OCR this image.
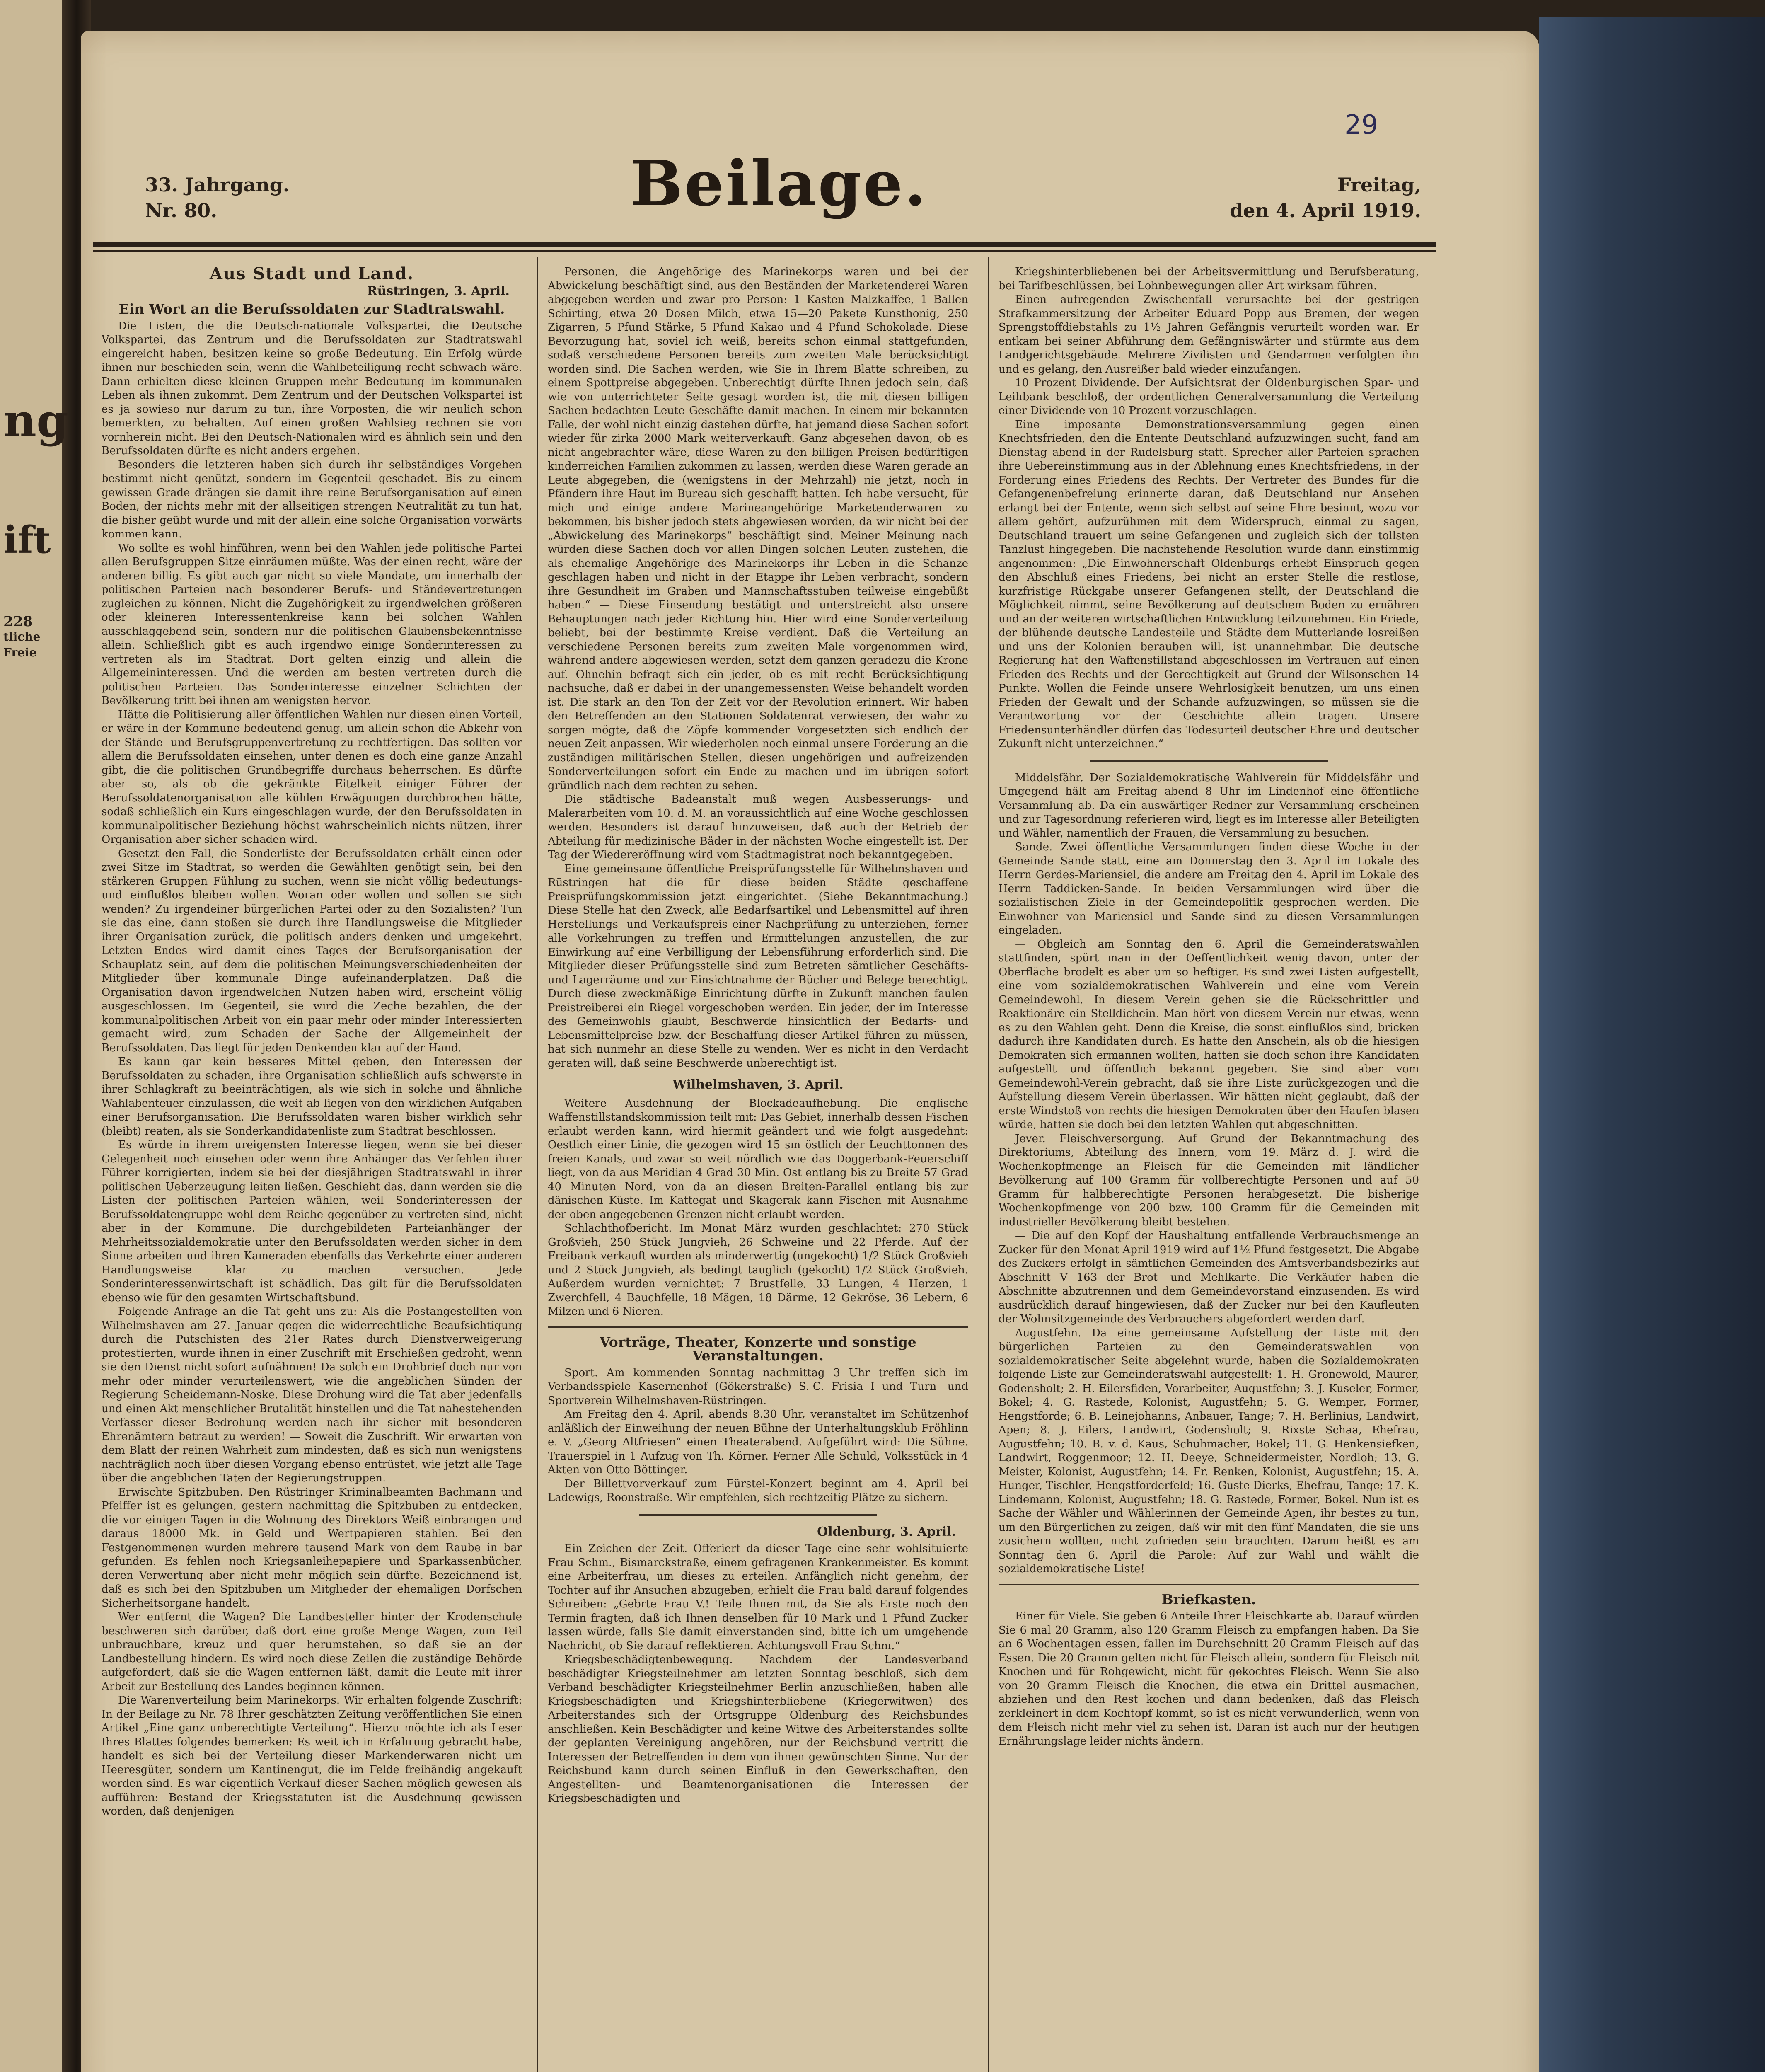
ng
ift
228
tliche
Freie
29
33. Jahrgang.
Nr. 80.	Beilage.	Freitag,
den 4. April 1919.
Aus Stadt und Land.
Rüstringen, 3. April.
Ein Wort an die Berufssoldaten zur Stadtratswahl.

Die Listen, die die Deutsch-nationale Volkspartei, die Deutsche Volkspartei, das Zentrum und die Berufssoldaten zur Stadtratswahl eingereicht haben, besitzen keine so große Bedeutung. Ein Erfolg würde ihnen nur beschieden sein, wenn die Wahlbeteiligung recht schwach wäre. Dann erhielten diese kleinen Gruppen mehr Bedeutung im kommunalen Leben als ihnen zukommt. Dem Zentrum und der Deutschen Volkspartei ist es ja sowieso nur darum zu tun, ihre Vorposten, die wir neulich schon bemerkten, zu behalten. Auf einen großen Wahlsieg rechnen sie von vornherein nicht. Bei den Deutsch-Nationalen wird es ähnlich sein und den Berufssoldaten dürfte es nicht anders ergehen.

Besonders die letzteren haben sich durch ihr selbständiges Vorgehen bestimmt nicht genützt, sondern im Gegenteil geschadet. Bis zu einem gewissen Grade drängen sie damit ihre reine Berufsorganisation auf einen Boden, der nichts mehr mit der allseitigen strengen Neutralität zu tun hat, die bisher geübt wurde und mit der allein eine solche Organisation vorwärts kommen kann.

Wo sollte es wohl hinführen, wenn bei den Wahlen jede politische Partei allen Berufsgruppen Sitze einräumen müßte. Was der einen recht, wäre der anderen billig. Es gibt auch gar nicht so viele Mandate, um innerhalb der politischen Parteien nach besonderer Berufs- und Ständevertretungen zugleichen zu können. Nicht die Zugehörigkeit zu irgendwelchen größeren oder kleineren Interessentenkreise kann bei solchen Wahlen ausschlaggebend sein, sondern nur die politischen Glaubensbekenntnisse allein. Schließlich gibt es auch irgendwo einige Sonderinteressen zu vertreten als im Stadtrat. Dort gelten einzig und allein die Allgemeininteressen. Und die werden am besten vertreten durch die politischen Parteien. Das Sonderinteresse einzelner Schichten der Bevölkerung tritt bei ihnen am wenigsten hervor.

Hätte die Politisierung aller öffentlichen Wahlen nur diesen einen Vorteil, er wäre in der Kommune bedeutend genug, um allein schon die Abkehr von der Stände- und Berufsgruppenvertretung zu rechtfertigen. Das sollten vor allem die Berufssoldaten einsehen, unter denen es doch eine ganze Anzahl gibt, die die politischen Grundbegriffe durchaus beherrschen. Es dürfte aber so, als ob die gekränkte Eitelkeit einiger Führer der Berufssoldatenorganisation alle kühlen Erwägungen durchbrochen hätte, sodaß schließlich ein Kurs eingeschlagen wurde, der den Berufssoldaten in kommunalpolitischer Beziehung höchst wahrscheinlich nichts nützen, ihrer Organisation aber sicher schaden wird.

Gesetzt den Fall, die Sonderliste der Berufssoldaten erhält einen oder zwei Sitze im Stadtrat, so werden die Gewählten genötigt sein, bei den stärkeren Gruppen Fühlung zu suchen, wenn sie nicht völlig bedeutungs- und einflußlos bleiben wollen. Woran oder wollen und sollen sie sich wenden? Zu irgendeiner bürgerlichen Partei oder zu den Sozialisten? Tun sie das eine, dann stoßen sie durch ihre Handlungsweise die Mitglieder ihrer Organisation zurück, die politisch anders denken und umgekehrt. Letzten Endes wird damit eines Tages der Berufsorganisation der Schauplatz sein, auf dem die politischen Meinungsverschiedenheiten der Mitglieder über kommunale Dinge aufeinanderplatzen. Daß die Organisation davon irgendwelchen Nutzen haben wird, erscheint völlig ausgeschlossen. Im Gegenteil, sie wird die Zeche bezahlen, die der kommunalpolitischen Arbeit von ein paar mehr oder minder Interessierten gemacht wird, zum Schaden der Sache der Allgemeinheit der Berufssoldaten. Das liegt für jeden Denkenden klar auf der Hand.

Es kann gar kein besseres Mittel geben, den Interessen der Berufssoldaten zu schaden, ihre Organisation schließlich aufs schwerste in ihrer Schlagkraft zu beeinträchtigen, als wie sich in solche und ähnliche Wahlabenteuer einzulassen, die weit ab liegen von den wirklichen Aufgaben einer Berufsorganisation. Die Berufssoldaten waren bisher wirklich sehr (bleibt) reaten, als sie Sonderkandidatenliste zum Stadtrat beschlossen.

Es würde in ihrem ureigensten Interesse liegen, wenn sie bei dieser Gelegenheit noch einsehen oder wenn ihre Anhänger das Verfehlen ihrer Führer korrigierten, indem sie bei der diesjährigen Stadtratswahl in ihrer politischen Ueberzeugung leiten ließen. Geschieht das, dann werden sie die Listen der politischen Parteien wählen, weil Sonderinteressen der Berufssoldatengruppe wohl dem Reiche gegenüber zu vertreten sind, nicht aber in der Kommune. Die durchgebildeten Parteianhänger der Mehrheitssozialdemokratie unter den Berufssoldaten werden sicher in dem Sinne arbeiten und ihren Kameraden ebenfalls das Verkehrte einer anderen Handlungsweise klar zu machen versuchen. Jede Sonderinteressenwirtschaft ist schädlich. Das gilt für die Berufssoldaten ebenso wie für den gesamten Wirtschaftsbund.

Folgende Anfrage an die Tat geht uns zu: Als die Postangestellten von Wilhelmshaven am 27. Januar gegen die widerrechtliche Beaufsichtigung durch die Putschisten des 21er Rates durch Dienstverweigerung protestierten, wurde ihnen in einer Zuschrift mit Erschießen gedroht, wenn sie den Dienst nicht sofort aufnähmen! Da solch ein Drohbrief doch nur von mehr oder minder verurteilenswert, wie die angeblichen Sünden der Regierung Scheidemann-Noske. Diese Drohung wird die Tat aber jedenfalls und einen Akt menschlicher Brutalität hinstellen und die Tat nahestehenden Verfasser dieser Bedrohung werden nach ihr sicher mit besonderen Ehrenämtern betraut zu werden! — Soweit die Zuschrift. Wir erwarten von dem Blatt der reinen Wahrheit zum mindesten, daß es sich nun wenigstens nachträglich noch über diesen Vorgang ebenso entrüstet, wie jetzt alle Tage über die angeblichen Taten der Regierungstruppen.

Erwischte Spitzbuben. Den Rüstringer Kriminalbeamten Bachmann und Pfeiffer ist es gelungen, gestern nachmittag die Spitzbuben zu entdecken, die vor einigen Tagen in die Wohnung des Direktors Weiß einbrangen und daraus 18000 Mk. in Geld und Wertpapieren stahlen. Bei den Festgenommenen wurden mehrere tausend Mark von dem Raube in bar gefunden. Es fehlen noch Kriegsanleihepapiere und Sparkassenbücher, deren Verwertung aber nicht mehr möglich sein dürfte. Bezeichnend ist, daß es sich bei den Spitzbuben um Mitglieder der ehemaligen Dorfschen Sicherheitsorgane handelt.

Wer entfernt die Wagen? Die Landbesteller hinter der Krodenschule beschweren sich darüber, daß dort eine große Menge Wagen, zum Teil unbrauchbare, kreuz und quer herumstehen, so daß sie an der Landbestellung hindern. Es wird noch diese Zeilen die zuständige Behörde aufgefordert, daß sie die Wagen entfernen läßt, damit die Leute mit ihrer Arbeit zur Bestellung des Landes beginnen können.

Die Warenverteilung beim Marinekorps. Wir erhalten folgende Zuschrift: In der Beilage zu Nr. 78 Ihrer geschätzten Zeitung veröffentlichen Sie einen Artikel „Eine ganz unberechtigte Verteilung“. Hierzu möchte ich als Leser Ihres Blattes folgendes bemerken: Es weit ich in Erfahrung gebracht habe, handelt es sich bei der Verteilung dieser Markenderwaren nicht um Heeresgüter, sondern um Kantinengut, die im Felde freihändig angekauft worden sind. Es war eigentlich Verkauf dieser Sachen möglich gewesen als aufführen: Bestand der Kriegsstatuten ist die Ausdehnung gewissen worden, daß denjenigen

Personen, die Angehörige des Marinekorps waren und bei der Abwickelung beschäftigt sind, aus den Beständen der Marketenderei Waren abgegeben werden und zwar pro Person: 1 Kasten Malzkaffee, 1 Ballen Schirting, etwa 20 Dosen Milch, etwa 15—20 Pakete Kunsthonig, 250 Zigarren, 5 Pfund Stärke, 5 Pfund Kakao und 4 Pfund Schokolade. Diese Bevorzugung hat, soviel ich weiß, bereits schon einmal stattgefunden, sodaß verschiedene Personen bereits zum zweiten Male berücksichtigt worden sind. Die Sachen werden, wie Sie in Ihrem Blatte schreiben, zu einem Spottpreise abgegeben. Unberechtigt dürfte Ihnen jedoch sein, daß wie von unterrichteter Seite gesagt worden ist, die mit diesen billigen Sachen bedachten Leute Geschäfte damit machen. In einem mir bekannten Falle, der wohl nicht einzig dastehen dürfte, hat jemand diese Sachen sofort wieder für zirka 2000 Mark weiterverkauft. Ganz abgesehen davon, ob es nicht angebrachter wäre, diese Waren zu den billigen Preisen bedürftigen kinderreichen Familien zukommen zu lassen, werden diese Waren gerade an Leute abgegeben, die (wenigstens in der Mehrzahl) nie jetzt, noch in Pfändern ihre Haut im Bureau sich geschafft hatten. Ich habe versucht, für mich und einige andere Marineangehörige Marketenderwaren zu bekommen, bis bisher jedoch stets abgewiesen worden, da wir nicht bei der „Abwickelung des Marinekorps“ beschäftigt sind. Meiner Meinung nach würden diese Sachen doch vor allen Dingen solchen Leuten zustehen, die als ehemalige Angehörige des Marinekorps ihr Leben in die Schanze geschlagen haben und nicht in der Etappe ihr Leben verbracht, sondern ihre Gesundheit im Graben und Mannschaftsstuben teilweise eingebüßt haben.“ — Diese Einsendung bestätigt und unterstreicht also unsere Behauptungen nach jeder Richtung hin. Hier wird eine Sonderverteilung beliebt, bei der bestimmte Kreise verdient. Daß die Verteilung an verschiedene Personen bereits zum zweiten Male vorgenommen wird, während andere abgewiesen werden, setzt dem ganzen geradezu die Krone auf. Ohnehin befragt sich ein jeder, ob es mit recht Berücksichtigung nachsuche, daß er dabei in der unangemessensten Weise behandelt worden ist. Die stark an den Ton der Zeit vor der Revolution erinnert. Wir haben den Betreffenden an den Stationen Soldatenrat verwiesen, der wahr zu sorgen mögte, daß die Zöpfe kommender Vorgesetzten sich endlich der neuen Zeit anpassen. Wir wiederholen noch einmal unsere Forderung an die zuständigen militärischen Stellen, diesen ungehörigen und aufreizenden Sonderverteilungen sofort ein Ende zu machen und im übrigen sofort gründlich nach dem rechten zu sehen.

Die städtische Badeanstalt muß wegen Ausbesserungs- und Malerarbeiten vom 10. d. M. an voraussichtlich auf eine Woche geschlossen werden. Besonders ist darauf hinzuweisen, daß auch der Betrieb der Abteilung für medizinische Bäder in der nächsten Woche eingestellt ist. Der Tag der Wiedereröffnung wird vom Stadtmagistrat noch bekanntgegeben.

Eine gemeinsame öffentliche Preisprüfungsstelle für Wilhelmshaven und Rüstringen hat die für diese beiden Städte geschaffene Preisprüfungskommission jetzt eingerichtet. (Siehe Bekanntmachung.) Diese Stelle hat den Zweck, alle Bedarfsartikel und Lebensmittel auf ihren Herstellungs- und Verkaufspreis einer Nachprüfung zu unterziehen, ferner alle Vorkehrungen zu treffen und Ermittelungen anzustellen, die zur Einwirkung auf eine Verbilligung der Lebensführung erforderlich sind. Die Mitglieder dieser Prüfungsstelle sind zum Betreten sämtlicher Geschäfts- und Lagerräume und zur Einsichtnahme der Bücher und Belege berechtigt. Durch diese zweckmäßige Einrichtung dürfte in Zukunft manchen faulen Preistreiberei ein Riegel vorgeschoben werden. Ein jeder, der im Interesse des Gemeinwohls glaubt, Beschwerde hinsichtlich der Bedarfs- und Lebensmittelpreise bzw. der Beschaffung dieser Artikel führen zu müssen, hat sich nunmehr an diese Stelle zu wenden. Wer es nicht in den Verdacht geraten will, daß seine Beschwerde unberechtigt ist.

Wilhelmshaven, 3. April.

Weitere Ausdehnung der Blockadeaufhebung. Die englische Waffenstillstandskommission teilt mit: Das Gebiet, innerhalb dessen Fischen erlaubt werden kann, wird hiermit geändert und wie folgt ausgedehnt: Oestlich einer Linie, die gezogen wird 15 sm östlich der Leuchttonnen des freien Kanals, und zwar so weit nördlich wie das Doggerbank-Feuerschiff liegt, von da aus Meridian 4 Grad 30 Min. Ost entlang bis zu Breite 57 Grad 40 Minuten Nord, von da an diesen Breiten-Parallel entlang bis zur dänischen Küste. Im Kattegat und Skagerak kann Fischen mit Ausnahme der oben angegebenen Grenzen nicht erlaubt werden.

Schlachthofbericht. Im Monat März wurden geschlachtet: 270 Stück Großvieh, 250 Stück Jungvieh, 26 Schweine und 22 Pferde. Auf der Freibank verkauft wurden als minderwertig (ungekocht) 1/2 Stück Großvieh und 2 Stück Jungvieh, als bedingt tauglich (gekocht) 1/2 Stück Großvieh. Außerdem wurden vernichtet: 7 Brustfelle, 33 Lungen, 4 Herzen, 1 Zwerchfell, 4 Bauchfelle, 18 Mägen, 18 Därme, 12 Gekröse, 36 Lebern, 6 Milzen und 6 Nieren.

Vorträge, Theater, Konzerte und sonstige Veranstaltungen.

Sport. Am kommenden Sonntag nachmittag 3 Uhr treffen sich im Verbandsspiele Kasernenhof (Gökerstraße) S.-C. Frisia I und Turn- und Sportverein Wilhelmshaven-Rüstringen.

Am Freitag den 4. April, abends 8.30 Uhr, veranstaltet im Schützenhof anläßlich der Einweihung der neuen Bühne der Unterhaltungsklub Fröhlinn e. V. „Georg Altfriesen“ einen Theaterabend. Aufgeführt wird: Die Sühne. Trauerspiel in 1 Aufzug von Th. Körner. Ferner Alle Schuld, Volksstück in 4 Akten von Otto Böttinger.

Der Billettvorverkauf zum Fürstel-Konzert beginnt am 4. April bei Ladewigs, Roonstraße. Wir empfehlen, sich rechtzeitig Plätze zu sichern.

Oldenburg, 3. April.

Ein Zeichen der Zeit. Offeriert da dieser Tage eine sehr wohlsituierte Frau Schm., Bismarckstraße, einem gefragenen Krankenmeister. Es kommt eine Arbeiterfrau, um dieses zu erteilen. Anfänglich nicht genehm, der Tochter auf ihr Ansuchen abzugeben, erhielt die Frau bald darauf folgendes Schreiben: „Gebrte Frau V.! Teile Ihnen mit, da Sie als Erste noch den Termin fragten, daß ich Ihnen denselben für 10 Mark und 1 Pfund Zucker lassen würde, falls Sie damit einverstanden sind, bitte ich um umgehende Nachricht, ob Sie darauf reflektieren. Achtungsvoll Frau Schm.“

Kriegsbeschädigtenbewegung. Nachdem der Landesverband beschädigter Kriegsteilnehmer am letzten Sonntag beschloß, sich dem Verband beschädigter Kriegsteilnehmer Berlin anzuschließen, haben alle Kriegsbeschädigten und Kriegshinterbliebene (Kriegerwitwen) des Arbeiterstandes sich der Ortsgruppe Oldenburg des Reichsbundes anschließen. Kein Beschädigter und keine Witwe des Arbeiterstandes sollte der geplanten Vereinigung angehören, nur der Reichsbund vertritt die Interessen der Betreffenden in dem von ihnen gewünschten Sinne. Nur der Reichsbund kann durch seinen Einfluß in den Gewerkschaften, den Angestellten- und Beamtenorganisationen die Interessen der Kriegsbeschädigten und

Kriegshinterbliebenen bei der Arbeitsvermittlung und Berufsberatung, bei Tarifbeschlüssen, bei Lohnbewegungen aller Art wirksam führen.

Einen aufregenden Zwischenfall verursachte bei der gestrigen Strafkammersitzung der Arbeiter Eduard Popp aus Bremen, der wegen Sprengstoffdiebstahls zu 1½ Jahren Gefängnis verurteilt worden war. Er entkam bei seiner Abführung dem Gefängniswärter und stürmte aus dem Landgerichtsgebäude. Mehrere Zivilisten und Gendarmen verfolgten ihn und es gelang, den Ausreißer bald wieder einzufangen.

10 Prozent Dividende. Der Aufsichtsrat der Oldenburgischen Spar- und Leihbank beschloß, der ordentlichen Generalversammlung die Verteilung einer Dividende von 10 Prozent vorzuschlagen.

Eine imposante Demonstrationsversammlung gegen einen Knechtsfrieden, den die Entente Deutschland aufzuzwingen sucht, fand am Dienstag abend in der Rudelsburg statt. Sprecher aller Parteien sprachen ihre Uebereinstimmung aus in der Ablehnung eines Knechtsfriedens, in der Forderung eines Friedens des Rechts. Der Vertreter des Bundes für die Gefangenenbefreiung erinnerte daran, daß Deutschland nur Ansehen erlangt bei der Entente, wenn sich selbst auf seine Ehre besinnt, wozu vor allem gehört, aufzurühmen mit dem Widerspruch, einmal zu sagen, Deutschland trauert um seine Gefangenen und zugleich sich der tollsten Tanzlust hingegeben. Die nachstehende Resolution wurde dann einstimmig angenommen: „Die Einwohnerschaft Oldenburgs erhebt Einspruch gegen den Abschluß eines Friedens, bei nicht an erster Stelle die restlose, kurzfristige Rückgabe unserer Gefangenen stellt, der Deutschland die Möglichkeit nimmt, seine Bevölkerung auf deutschem Boden zu ernähren und an der weiteren wirtschaftlichen Entwicklung teilzunehmen. Ein Friede, der blühende deutsche Landesteile und Städte dem Mutterlande losreißen und uns der Kolonien berauben will, ist unannehmbar. Die deutsche Regierung hat den Waffenstillstand abgeschlossen im Vertrauen auf einen Frieden des Rechts und der Gerechtigkeit auf Grund der Wilsonschen 14 Punkte. Wollen die Feinde unsere Wehrlosigkeit benutzen, um uns einen Frieden der Gewalt und der Schande aufzuzwingen, so müssen sie die Verantwortung vor der Geschichte allein tragen. Unsere Friedensunterhändler dürfen das Todesurteil deutscher Ehre und deutscher Zukunft nicht unterzeichnen.“

Middelsfähr. Der Sozialdemokratische Wahlverein für Middelsfähr und Umgegend hält am Freitag abend 8 Uhr im Lindenhof eine öffentliche Versammlung ab. Da ein auswärtiger Redner zur Versammlung erscheinen und zur Tagesordnung referieren wird, liegt es im Interesse aller Beteiligten und Wähler, namentlich der Frauen, die Versammlung zu besuchen.

Sande. Zwei öffentliche Versammlungen finden diese Woche in der Gemeinde Sande statt, eine am Donnerstag den 3. April im Lokale des Herrn Gerdes-Mariensiel, die andere am Freitag den 4. April im Lokale des Herrn Taddicken-Sande. In beiden Versammlungen wird über die sozialistischen Ziele in der Gemeindepolitik gesprochen werden. Die Einwohner von Mariensiel und Sande sind zu diesen Versammlungen eingeladen.

— Obgleich am Sonntag den 6. April die Gemeinderatswahlen stattfinden, spürt man in der Oeffentlichkeit wenig davon, unter der Oberfläche brodelt es aber um so heftiger. Es sind zwei Listen aufgestellt, eine vom sozialdemokratischen Wahlverein und eine vom Verein Gemeindewohl. In diesem Verein gehen sie die Rückschrittler und Reaktionäre ein Stelldichein. Man hört von diesem Verein nur etwas, wenn es zu den Wahlen geht. Denn die Kreise, die sonst einflußlos sind, bricken dadurch ihre Kandidaten durch. Es hatte den Anschein, als ob die hiesigen Demokraten sich ermannen wollten, hatten sie doch schon ihre Kandidaten aufgestellt und öffentlich bekannt gegeben. Sie sind aber vom Gemeindewohl-Verein gebracht, daß sie ihre Liste zurückgezogen und die Aufstellung diesem Verein überlassen. Wir hätten nicht geglaubt, daß der erste Windstoß von rechts die hiesigen Demokraten über den Haufen blasen würde, hatten sie doch bei den letzten Wahlen gut abgeschnitten.

Jever. Fleischversorgung. Auf Grund der Bekanntmachung des Direktoriums, Abteilung des Innern, vom 19. März d. J. wird die Wochenkopfmenge an Fleisch für die Gemeinden mit ländlicher Bevölkerung auf 100 Gramm für vollberechtigte Personen und auf 50 Gramm für halbberechtigte Personen herabgesetzt. Die bisherige Wochenkopfmenge von 200 bzw. 100 Gramm für die Gemeinden mit industrieller Bevölkerung bleibt bestehen.

— Die auf den Kopf der Haushaltung entfallende Verbrauchsmenge an Zucker für den Monat April 1919 wird auf 1½ Pfund festgesetzt. Die Abgabe des Zuckers erfolgt in sämtlichen Gemeinden des Amtsverbandsbezirks auf Abschnitt V 163 der Brot- und Mehlkarte. Die Verkäufer haben die Abschnitte abzutrennen und dem Gemeindevorstand einzusenden. Es wird ausdrücklich darauf hingewiesen, daß der Zucker nur bei den Kaufleuten der Wohnsitzgemeinde des Verbrauchers abgefordert werden darf.

Augustfehn. Da eine gemeinsame Aufstellung der Liste mit den bürgerlichen Parteien zu den Gemeinderatswahlen von sozialdemokratischer Seite abgelehnt wurde, haben die Sozialdemokraten folgende Liste zur Gemeinderatswahl aufgestellt: 1. H. Gronewold, Maurer, Godensholt; 2. H. Eilersfiden, Vorarbeiter, Augustfehn; 3. J. Kuseler, Former, Bokel; 4. G. Rastede, Kolonist, Augustfehn; 5. G. Wemper, Former, Hengstforde; 6. B. Leinejohanns, Anbauer, Tange; 7. H. Berlinius, Landwirt, Apen; 8. J. Eilers, Landwirt, Godensholt; 9. Rixste Schaa, Ehefrau, Augustfehn; 10. B. v. d. Kaus, Schuhmacher, Bokel; 11. G. Henkensiefken, Landwirt, Roggenmoor; 12. H. Deeye, Schneidermeister, Nordloh; 13. G. Meister, Kolonist, Augustfehn; 14. Fr. Renken, Kolonist, Augustfehn; 15. A. Hunger, Tischler, Hengstforderfeld; 16. Guste Dierks, Ehefrau, Tange; 17. K. Lindemann, Kolonist, Augustfehn; 18. G. Rastede, Former, Bokel. Nun ist es Sache der Wähler und Wählerinnen der Gemeinde Apen, ihr bestes zu tun, um den Bürgerlichen zu zeigen, daß wir mit den fünf Mandaten, die sie uns zusichern wollten, nicht zufrieden sein brauchten. Darum heißt es am Sonntag den 6. April die Parole: Auf zur Wahl und wählt die sozialdemokratische Liste!

Briefkasten.

Einer für Viele. Sie geben 6 Anteile Ihrer Fleischkarte ab. Darauf würden Sie 6 mal 20 Gramm, also 120 Gramm Fleisch zu empfangen haben. Da Sie an 6 Wochentagen essen, fallen im Durchschnitt 20 Gramm Fleisch auf das Essen. Die 20 Gramm gelten nicht für Fleisch allein, sondern für Fleisch mit Knochen und für Rohgewicht, nicht für gekochtes Fleisch. Wenn Sie also von 20 Gramm Fleisch die Knochen, die etwa ein Drittel ausmachen, abziehen und den Rest kochen und dann bedenken, daß das Fleisch zerkleinert in dem Kochtopf kommt, so ist es nicht verwunderlich, wenn von dem Fleisch nicht mehr viel zu sehen ist. Daran ist auch nur der heutigen Ernährungslage leider nichts ändern.
